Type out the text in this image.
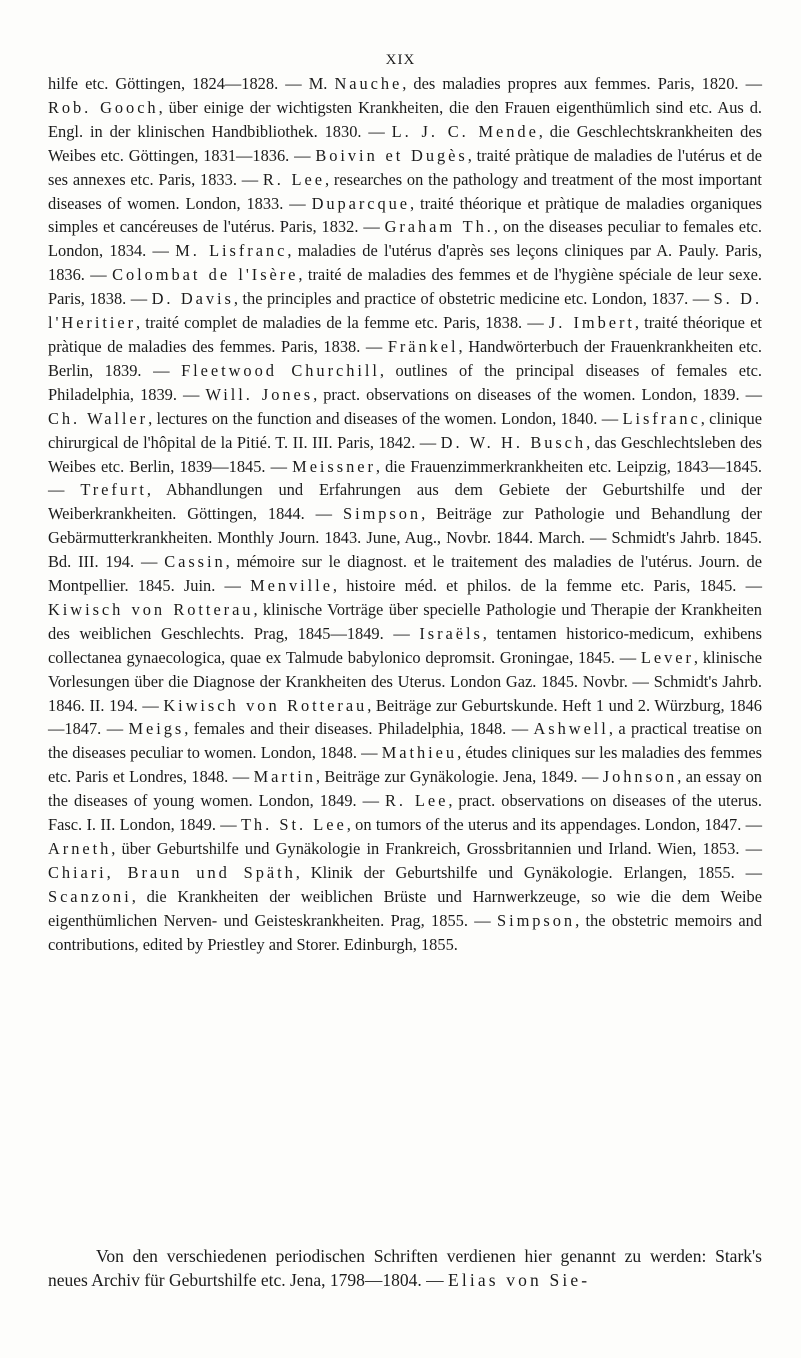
XIX

hilfe etc. Göttingen, 1824—1828. — M. Nauche, des maladies propres aux femmes. Paris, 1820. — Rob. Gooch, über einige der wichtigsten Krankheiten, die den Frauen eigenthümlich sind etc. Aus d. Engl. in der klinischen Handbibliothek. 1830. — L. J. C. Mende, die Geschlechtskrankheiten des Weibes etc. Göttingen, 1831—1836. — Boivin et Dugès, traité pràtique de maladies de l'utérus et de ses annexes etc. Paris, 1833. — R. Lee, researches on the pathology and treatment of the most important diseases of women. London, 1833. — Duparcque, traité théorique et pràtique de maladies organiques simples et cancéreuses de l'utérus. Paris, 1832. — Graham Th., on the diseases peculiar to females etc. London, 1834. — M. Lisfranc, maladies de l'utérus d'après ses leçons cliniques par A. Pauly. Paris, 1836. — Colombat de l'Isère, traité de maladies des femmes et de l'hygiène spéciale de leur sexe. Paris, 1838. — D. Davis, the principles and practice of obstetric medicine etc. London, 1837. — S. D. l'Heritier, traité complet de maladies de la femme etc. Paris, 1838. — J. Imbert, traité théorique et pràtique de maladies des femmes. Paris, 1838. — Fränkel, Handwörterbuch der Frauenkrankheiten etc. Berlin, 1839. — Fleetwood Churchill, outlines of the principal diseases of females etc. Philadelphia, 1839. — Will. Jones, pract. observations on diseases of the women. London, 1839. — Ch. Waller, lectures on the function and diseases of the women. London, 1840. — Lisfranc, clinique chirurgical de l'hôpital de la Pitié. T. II. III. Paris, 1842. — D. W. H. Busch, das Geschlechtsleben des Weibes etc. Berlin, 1839—1845. — Meissner, die Frauenzimmerkrankheiten etc. Leipzig, 1843—1845. — Trefurt, Abhandlungen und Erfahrungen aus dem Gebiete der Geburtshilfe und der Weiberkrankheiten. Göttingen, 1844. — Simpson, Beiträge zur Pathologie und Behandlung der Gebärmutterkrankheiten. Monthly Journ. 1843. June, Aug., Novbr. 1844. March. — Schmidt's Jahrb. 1845. Bd. III. 194. — Cassin, mémoire sur le diagnost. et le traitement des maladies de l'utérus. Journ. de Montpellier. 1845. Juin. — Menville, histoire méd. et philos. de la femme etc. Paris, 1845. — Kiwisch von Rotterau, klinische Vorträge über specielle Pathologie und Therapie der Krankheiten des weiblichen Geschlechts. Prag, 1845—1849. — Israëls, tentamen historico-medicum, exhibens collectanea gynaecologica, quae ex Talmude babylonico depromsit. Groningae, 1845. — Lever, klinische Vorlesungen über die Diagnose der Krankheiten des Uterus. London Gaz. 1845. Novbr. — Schmidt's Jahrb. 1846. II. 194. — Kiwisch von Rotterau, Beiträge zur Geburtskunde. Heft 1 und 2. Würzburg, 1846—1847. — Meigs, females and their diseases. Philadelphia, 1848. — Ashwell, a practical treatise on the diseases peculiar to women. London, 1848. — Mathieu, études cliniques sur les maladies des femmes etc. Paris et Londres, 1848. — Martin, Beiträge zur Gynäkologie. Jena, 1849. — Johnson, an essay on the diseases of young women. London, 1849. — R. Lee, pract. observations on diseases of the uterus. Fasc. I. II. London, 1849. — Th. St. Lee, on tumors of the uterus and its appendages. London, 1847. — Arneth, über Geburtshilfe und Gynäkologie in Frankreich, Grossbritannien und Irland. Wien, 1853. — Chiari, Braun und Späth, Klinik der Geburtshilfe und Gynäkologie. Erlangen, 1855. — Scanzoni, die Krankheiten der weiblichen Brüste und Harnwerkzeuge, so wie die dem Weibe eigenthümlichen Nerven- und Geisteskrankheiten. Prag, 1855. — Simpson, the obstetric memoirs and contributions, edited by Priestley and Storer. Edinburgh, 1855.

Von den verschiedenen periodischen Schriften verdienen hier genannt zu werden: Stark's neues Archiv für Geburtshilfe etc. Jena, 1798—1804. — Elias von Sie-
